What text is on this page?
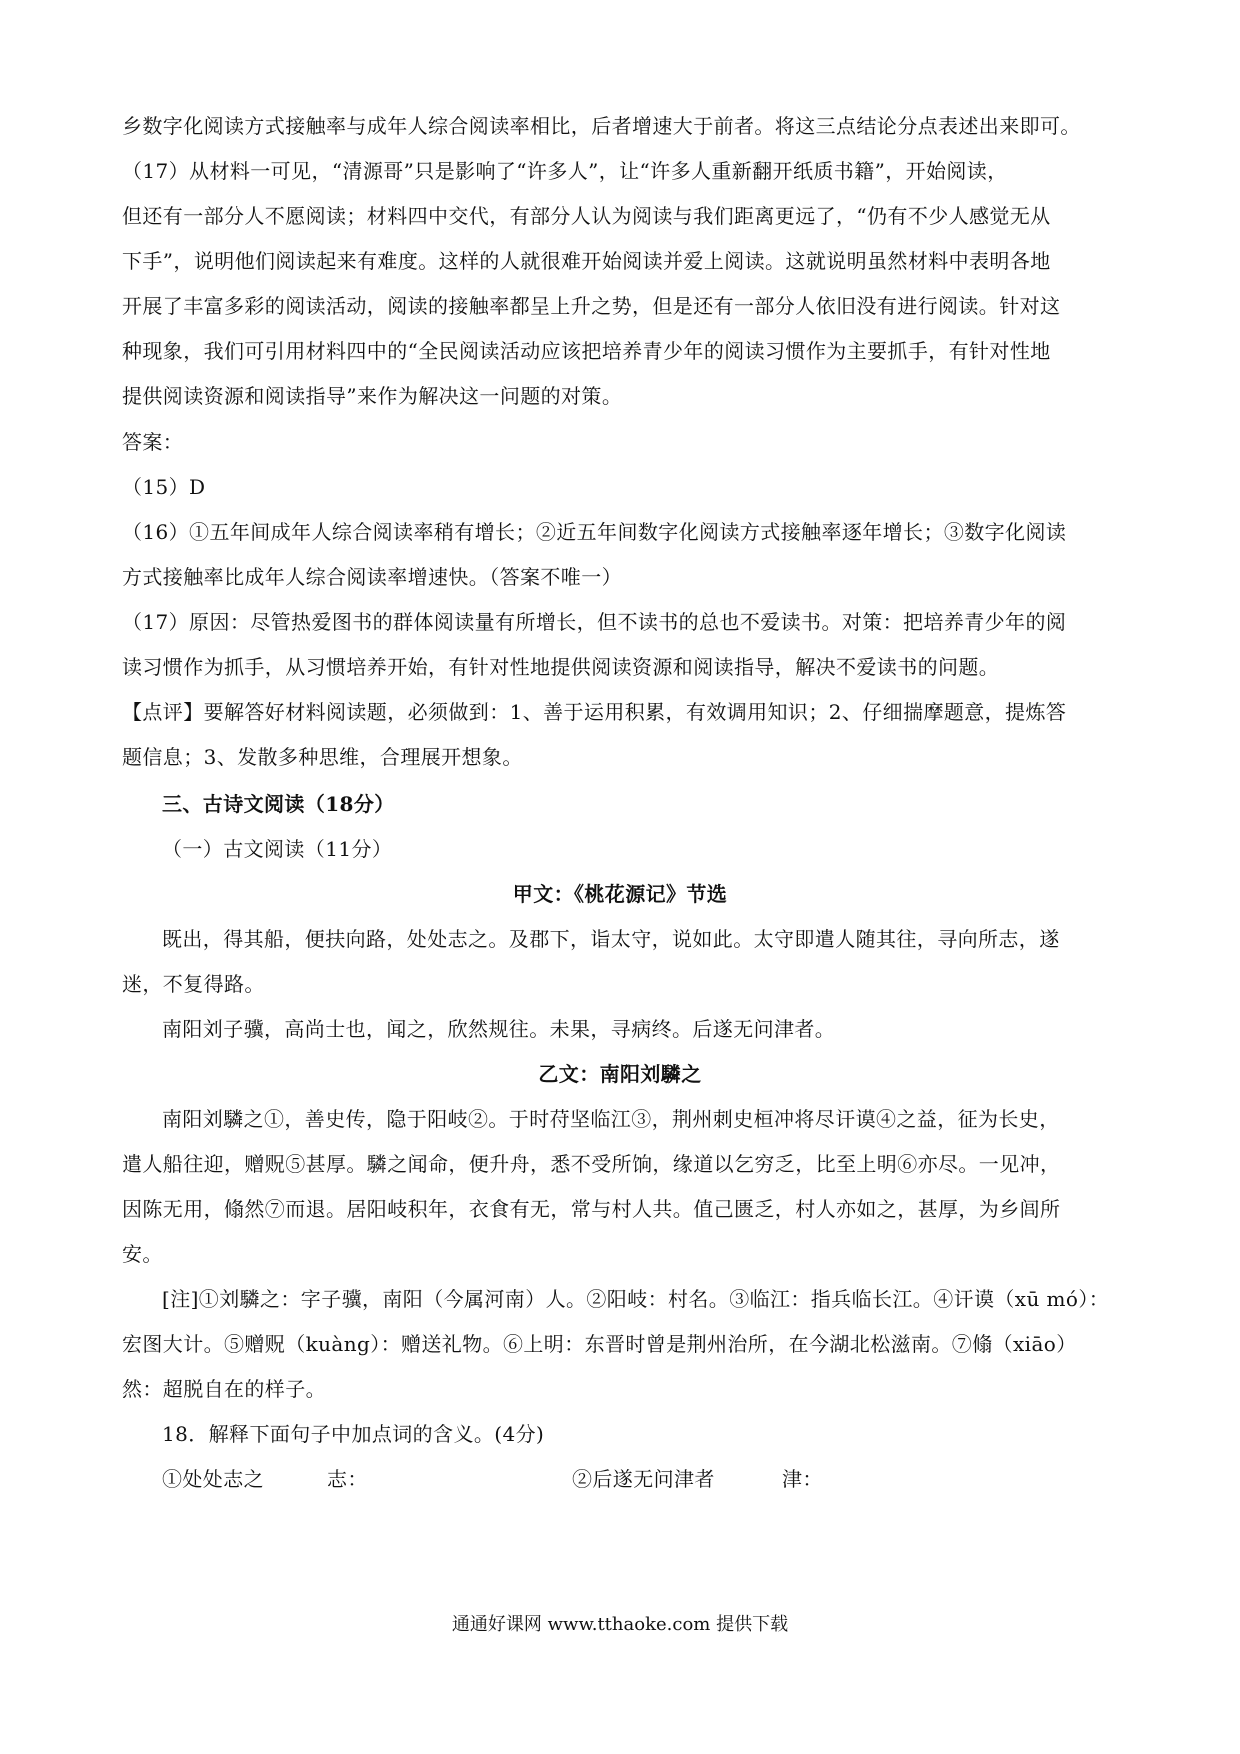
乡数字化阅读方式接触率与成年人综合阅读率相比，后者增速大于前者。将这三点结论分点表述出来即可。
（17）从材料一可见，“清源哥”只是影响了“许多人”，让“许多人重新翻开纸质书籍”，开始阅读，
但还有一部分人不愿阅读；材料四中交代，有部分人认为阅读与我们距离更远了，“仍有不少人感觉无从
下手”，说明他们阅读起来有难度。这样的人就很难开始阅读并爱上阅读。这就说明虽然材料中表明各地
开展了丰富多彩的阅读活动，阅读的接触率都呈上升之势，但是还有一部分人依旧没有进行阅读。针对这
种现象，我们可引用材料四中的“全民阅读活动应该把培养青少年的阅读习惯作为主要抓手，有针对性地
提供阅读资源和阅读指导”来作为解决这一问题的对策。
答案：
（15）D
（16）①五年间成年人综合阅读率稍有增长；②近五年间数字化阅读方式接触率逐年增长；③数字化阅读
方式接触率比成年人综合阅读率增速快。（答案不唯一）
（17）原因：尽管热爱图书的群体阅读量有所增长，但不读书的总也不爱读书。对策：把培养青少年的阅
读习惯作为抓手，从习惯培养开始，有针对性地提供阅读资源和阅读指导，解决不爱读书的问题。
【点评】要解答好材料阅读题，必须做到：1、善于运用积累，有效调用知识；2、仔细揣摩题意，提炼答
题信息；3、发散多种思维，合理展开想象。
三、古诗文阅读（18分）
（一）古文阅读（11分）
甲文：《桃花源记》节选
既出，得其船，便扶向路，处处志之。及郡下，诣太守，说如此。太守即遣人随其往，寻向所志，遂
迷，不复得路。
南阳刘子骥，高尚士也，闻之，欣然规往。未果，寻病终。后遂无问津者。
乙文：南阳刘驎之
南阳刘驎之①，善史传，隐于阳岐②。于时苻坚临江③，荆州刺史桓冲将尽讦谟④之益，征为长史，
遣人船往迎，赠贶⑤甚厚。驎之闻命，便升舟，悉不受所饷，缘道以乞穷乏，比至上明⑥亦尽。一见冲，
因陈无用，翛然⑦而退。居阳岐积年，衣食有无，常与村人共。值己匮乏，村人亦如之，甚厚，为乡闾所
安。
[注]①刘驎之：字子骥，南阳（今属河南）人。②阳岐：村名。③临江：指兵临长江。④讦谟（xū mó）：
宏图大计。⑤赠贶（kuàng）：赠送礼物。⑥上明：东晋时曾是荆州治所，在今湖北松滋南。⑦翛（xiāo）
然：超脱自在的样子。
18．解释下面句子中加点词的含义。(4分)
①处处志之	志：	②后遂无问津者	津：
通通好课网 www.tthaoke.com 提供下载
